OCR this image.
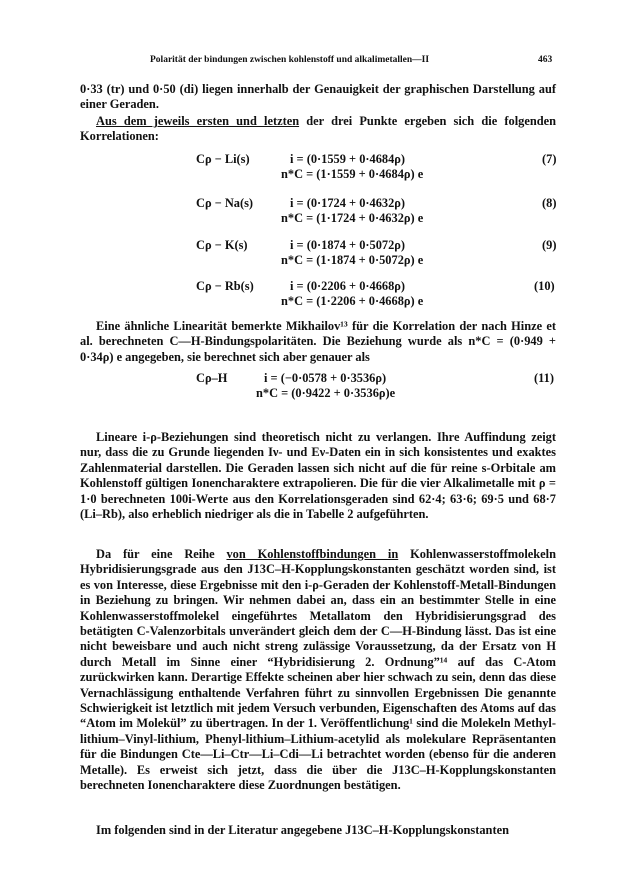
Polarität der bindungen zwischen kohlenstoff und alkalimetallen—II	463
0·33 (tr) und 0·50 (di) liegen innerhalb der Genauigkeit der graphischen Darstellung auf einer Geraden.
Aus dem jeweils ersten und letzten der drei Punkte ergeben sich die folgenden Korrelationen:
Cρ − Li(s)	i = (0·1559 + 0·4684ρ)
n*C = (1·1559 + 0·4684ρ) e
(7)
Cρ − Na(s)	i = (0·1724 + 0·4632ρ)
n*C = (1·1724 + 0·4632ρ) e
(8)
Cρ − K(s)	i = (0·1874 + 0·5072ρ)
n*C = (1·1874 + 0·5072ρ) e
(9)
Cρ − Rb(s)	i = (0·2206 + 0·4668ρ)
n*C = (1·2206 + 0·4668ρ) e
(10)
Eine ähnliche Linearität bemerkte Mikhailov¹³ für die Korrelation der nach Hinze et al. berechneten C—H-Bindungspolaritäten. Die Beziehung wurde als n*C = (0·949 + 0·34ρ) e angegeben, sie berechnet sich aber genauer als
Cρ–H	i = (−0·0578 + 0·3536ρ)
n*C = (0·9422 + 0·3536ρ)e
(11)
Lineare i-ρ-Beziehungen sind theoretisch nicht zu verlangen. Ihre Auffindung zeigt nur, dass die zu Grunde liegenden Iν- und Eν-Daten ein in sich konsistentes und exaktes Zahlenmaterial darstellen. Die Geraden lassen sich nicht auf die für reine s-Orbitale am Kohlenstoff gültigen Ionencharaktere extrapolieren. Die für die vier Alkalimetalle mit ρ = 1·0 berechneten 100i-Werte aus den Korrelationsgeraden sind 62·4; 63·6; 69·5 und 68·7 (Li–Rb), also erheblich niedriger als die in Tabelle 2 aufgeführten.
Da für eine Reihe von Kohlenstoffbindungen in Kohlenwasserstoffmolekeln Hybridisierungsgrade aus den J13C–H-Kopplungskonstanten geschätzt worden sind, ist es von Interesse, diese Ergebnisse mit den i-ρ-Geraden der Kohlenstoff-Metall-Bindungen in Beziehung zu bringen. Wir nehmen dabei an, dass ein an bestimmter Stelle in eine Kohlenwasserstoffmolekel eingeführtes Metallatom den Hybridisierungsgrad des betätigten C-Valenzorbitals unverändert gleich dem der C—H-Bindung lässt. Das ist eine nicht beweisbare und auch nicht streng zulässige Voraussetzung, da der Ersatz von H durch Metall im Sinne einer “Hybridisierung 2. Ordnung”¹⁴ auf das C-Atom zurückwirken kann. Derartige Effekte scheinen aber hier schwach zu sein, denn das diese Vernachlässigung enthaltende Verfahren führt zu sinnvollen Ergebnissen Die genannte Schwierigkeit ist letztlich mit jedem Versuch verbunden, Eigenschaften des Atoms auf das “Atom im Molekül” zu übertragen. In der 1. Veröffentlichung¹ sind die Molekeln Methyl-lithium–Vinyl-lithium, Phenyl-lithium–Lithium-acetylid als molekulare Repräsentanten für die Bindungen Cte—Li–Ctr—Li–Cdi—Li betrachtet worden (ebenso für die anderen Metalle). Es erweist sich jetzt, dass die über die J13C–H-Kopplungskonstanten berechneten Ionencharaktere diese Zuordnungen bestätigen.
Im folgenden sind in der Literatur angegebene J13C–H-Kopplungskonstanten
